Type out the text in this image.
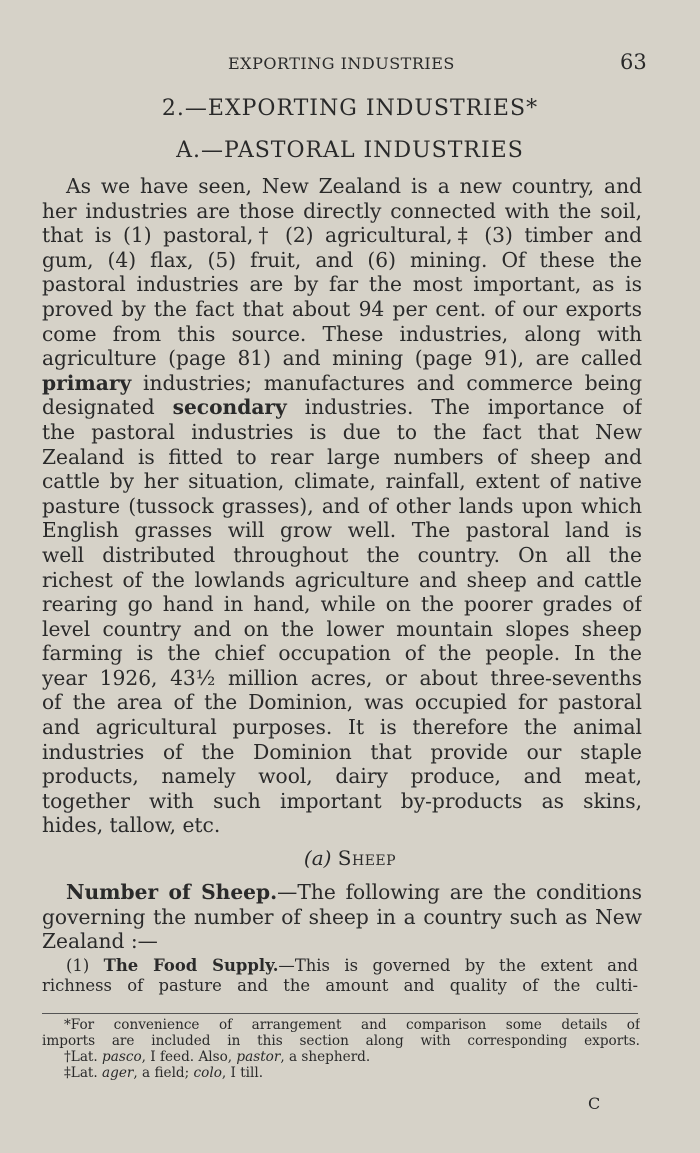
EXPORTING INDUSTRIES	63
2.—EXPORTING INDUSTRIES*
A.—PASTORAL INDUSTRIES
As we have seen, New Zealand is a new country, and
her industries are those directly connected with the soil,
that is (1) pastoral,† (2) agricultural,‡ (3) timber and
gum, (4) flax, (5) fruit, and (6) mining. Of these the
pastoral industries are by far the most important, as is
proved by the fact that about 94 per cent. of our exports
come from this source. These industries, along with
agriculture (page 81) and mining (page 91), are called
primary industries; manufactures and commerce being
designated secondary industries. The importance of
the pastoral industries is due to the fact that New
Zealand is fitted to rear large numbers of sheep and
cattle by her situation, climate, rainfall, extent of native
pasture (tussock grasses), and of other lands upon which
English grasses will grow well. The pastoral land is
well distributed throughout the country. On all the
richest of the lowlands agriculture and sheep and cattle
rearing go hand in hand, while on the poorer grades of
level country and on the lower mountain slopes sheep
farming is the chief occupation of the people. In the
year 1926, 43½ million acres, or about three-sevenths
of the area of the Dominion, was occupied for pastoral
and agricultural purposes. It is therefore the animal
industries of the Dominion that provide our staple
products, namely wool, dairy produce, and meat,
together with such important by-products as skins,
hides, tallow, etc.
(a) Sheep
Number of Sheep.—The following are the conditions
governing the number of sheep in a country such as New
Zealand :—
(1) The Food Supply.—This is governed by the extent and
richness of pasture and the amount and quality of the culti-
*For convenience of arrangement and comparison some details of
imports are included in this section along with corresponding exports.
†Lat. pasco, I feed. Also, pastor, a shepherd.
‡Lat. ager, a field; colo, I till.
C
